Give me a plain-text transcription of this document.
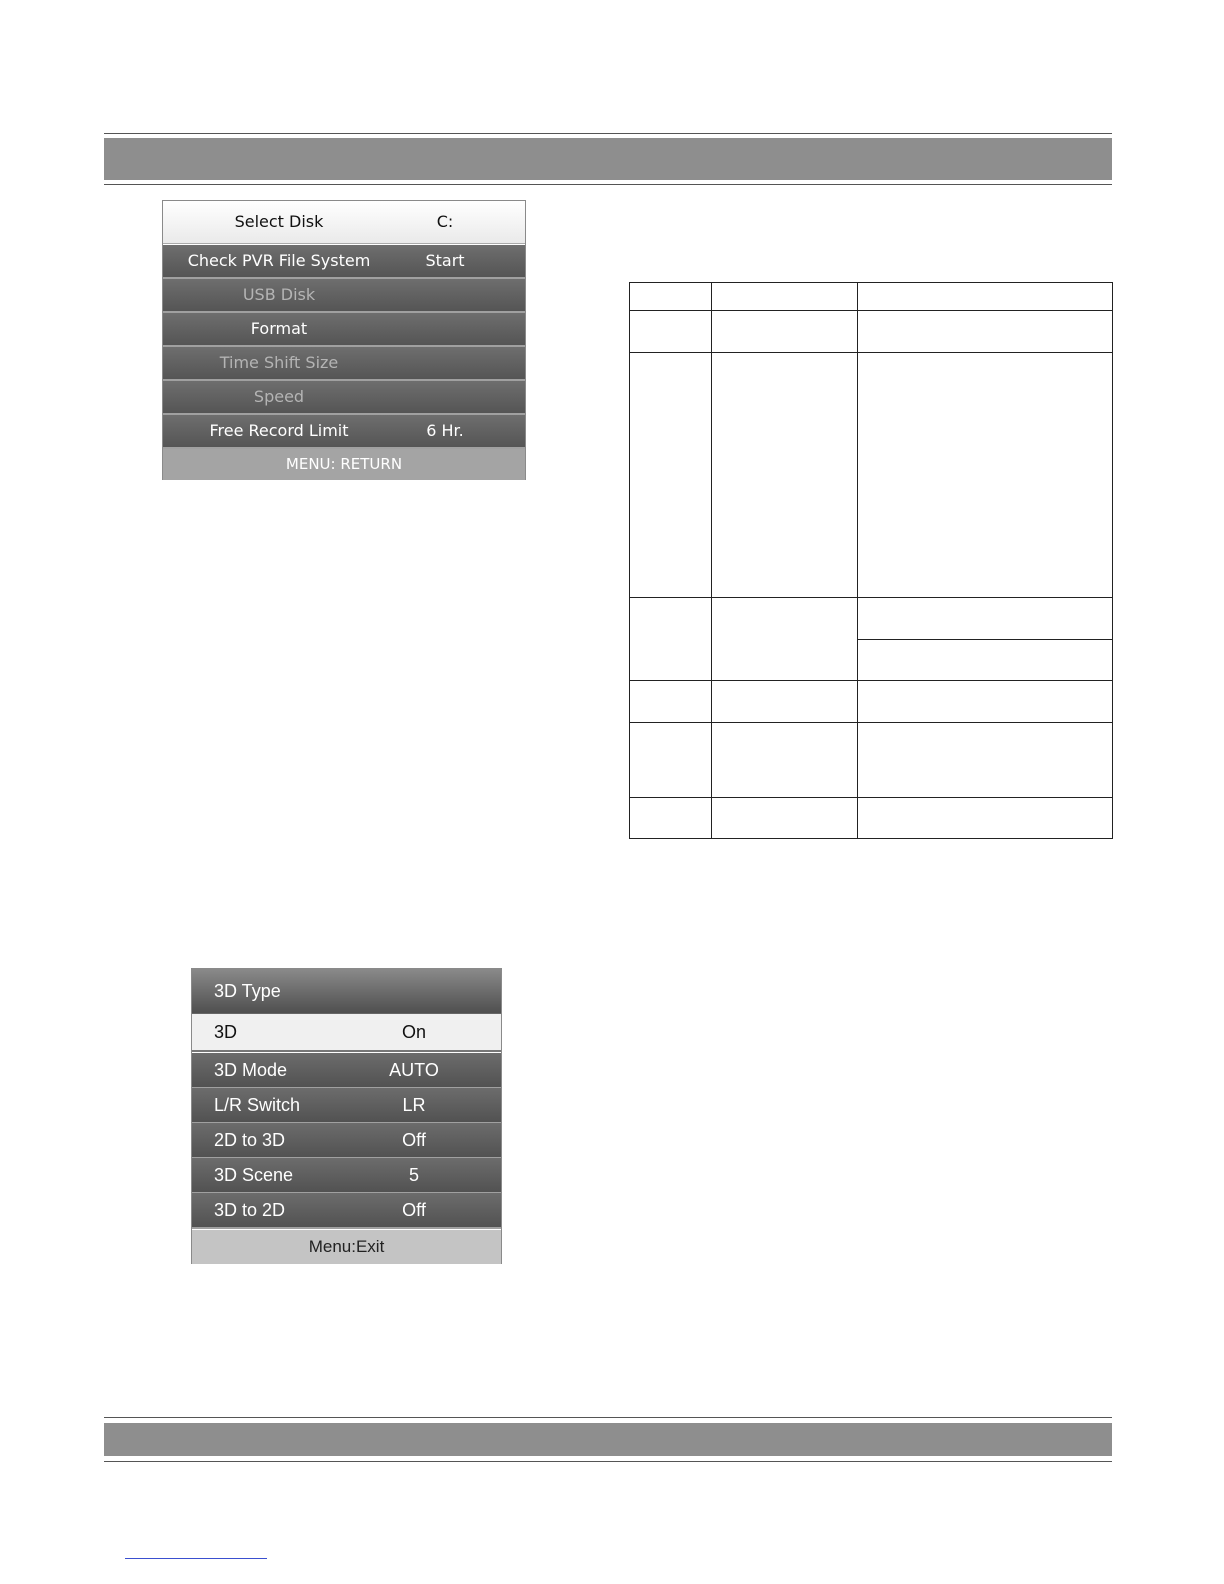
Select Disk	C:
Check PVR File System	Start
USB Disk
Format
Time Shift Size
Speed
Free Record Limit	6 Hr.
MENU: RETURN

3D Type
3D	On
3D Mode	AUTO
L/R Switch	LR
2D to 3D	Off
3D Scene	5
3D to 2D	Off
Menu:Exit
